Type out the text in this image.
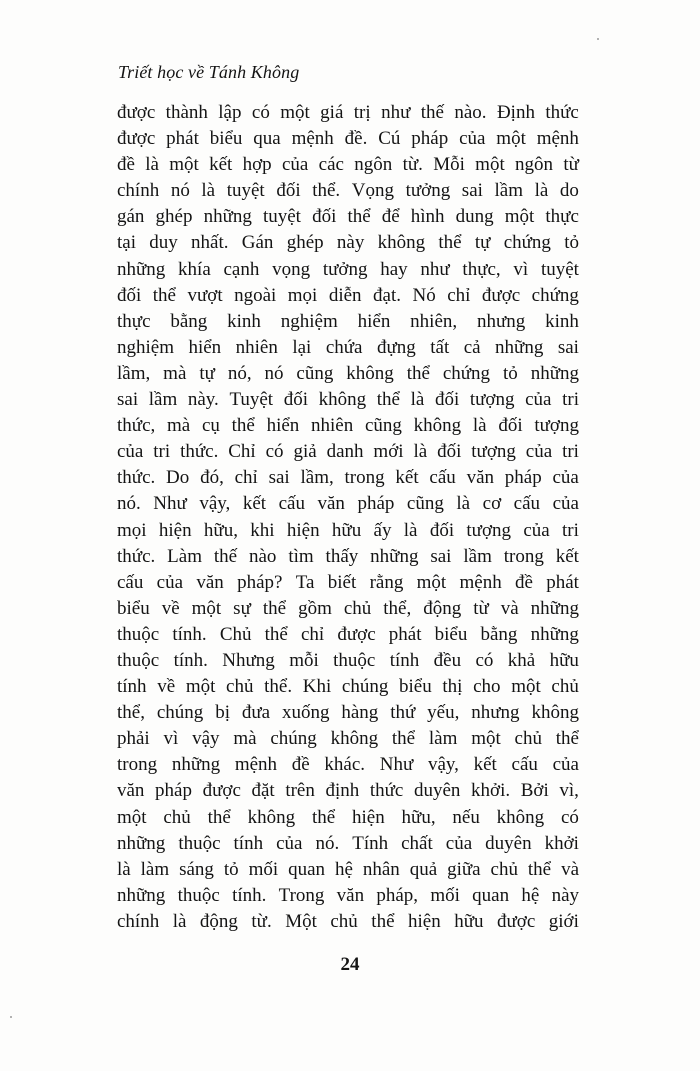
Triết học về Tánh Không
được thành lập có một giá trị như thế nào. Định thức
được phát biểu qua mệnh đề. Cú pháp của một mệnh
đề là một kết hợp của các ngôn từ. Mỗi một ngôn từ
chính nó là tuyệt đối thể. Vọng tưởng sai lầm là do
gán ghép những tuyệt đối thể để hình dung một thực
tại duy nhất. Gán ghép này không thể tự chứng tỏ
những khía cạnh vọng tưởng hay như thực, vì tuyệt
đối thể vượt ngoài mọi diễn đạt. Nó chỉ được chứng
thực bằng kinh nghiệm hiển nhiên, nhưng kinh
nghiệm hiển nhiên lại chứa đựng tất cả những sai
lầm, mà tự nó, nó cũng không thể chứng tỏ những
sai lầm này. Tuyệt đối không thể là đối tượng của tri
thức, mà cụ thể hiển nhiên cũng không là đối tượng
của tri thức. Chỉ có giả danh mới là đối tượng của tri
thức. Do đó, chỉ sai lầm, trong kết cấu văn pháp của
nó. Như vậy, kết cấu văn pháp cũng là cơ cấu của
mọi hiện hữu, khi hiện hữu ấy là đối tượng của tri
thức. Làm thế nào tìm thấy những sai lầm trong kết
cấu của văn pháp? Ta biết rằng một mệnh đề phát
biểu về một sự thể gồm chủ thể, động từ và những
thuộc tính. Chủ thể chỉ được phát biểu bằng những
thuộc tính. Nhưng mỗi thuộc tính đều có khả hữu
tính về một chủ thể. Khi chúng biểu thị cho một chủ
thể, chúng bị đưa xuống hàng thứ yếu, nhưng không
phải vì vậy mà chúng không thể làm một chủ thể
trong những mệnh đề khác. Như vậy, kết cấu của
văn pháp được đặt trên định thức duyên khởi. Bởi vì,
một chủ thể không thể hiện hữu, nếu không có
những thuộc tính của nó. Tính chất của duyên khởi
là làm sáng tỏ mối quan hệ nhân quả giữa chủ thể và
những thuộc tính. Trong văn pháp, mối quan hệ này
chính là động từ. Một chủ thể hiện hữu được giới
24
